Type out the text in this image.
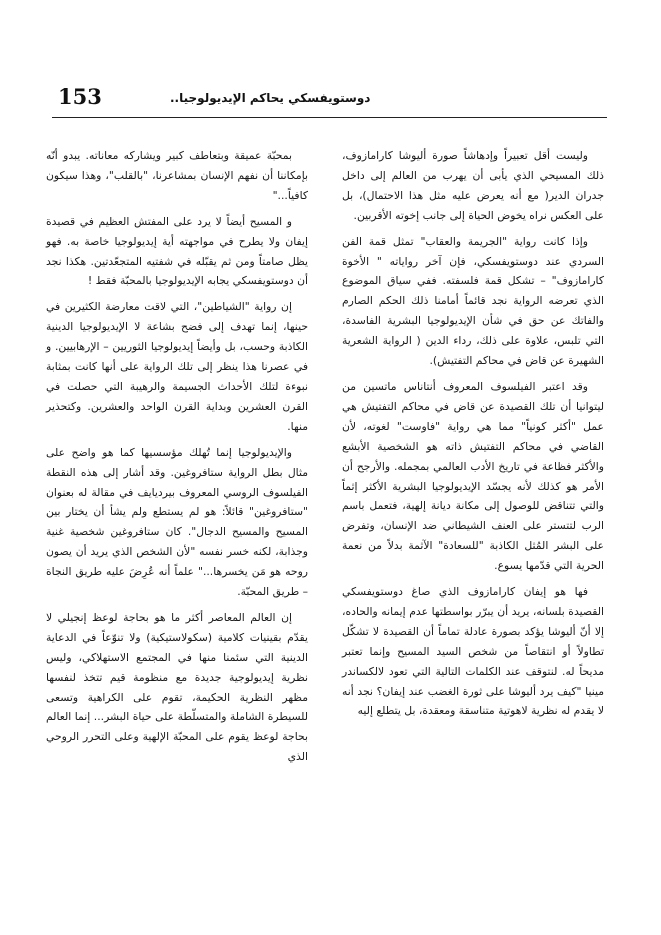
153	دوستويفسكي يحاكم الإيديولوجيا..

وليست أقل تعبيراً وإدهاشاً صورة أليوشا كارامازوف، ذلك المسيحي الذي يأبى أن يهرب من العالم إلى داخل جدران الدير( مع أنه يعرض عليه مثل هذا الاحتمال)، بل على العكس نراه يخوض الحياة إلى جانب إخوته الأقربين.

وإذا كانت رواية "الجريمة والعقاب" تمثل قمة الفن السردي عند دوستويفسكي، فإن آخر رواياته " الأخوة كارامازوف" – تشكل قمة فلسفته. ففي سياق الموضوع الذي تعرضه الرواية نجد قائماً أمامنا ذلك الحكم الصارم والفاتك عن حق في شأن الإيديولوجيا البشرية الفاسدة، التي تلبس، علاوة على ذلك، رداء الدين ( الرواية الشعرية الشهيرة عن قاض في محاكم التفتيش).

وقد اعتبر الفيلسوف المعروف أنتاناس ماتسين من ليتوانيا أن تلك القصيدة عن قاض في محاكم التفتيش هي عمل "أكثر كونياً" مما هي رواية "فاوست" لغوته، لأن القاضي في محاكم التفتيش ذاته هو الشخصية الأبشع والأكثر فظاعة في تاريخ الأدب العالمي بمجمله. والأرجح أن الأمر هو كذلك لأنه يجسّد الإيديولوجيا البشرية الأكثر إثماً والتي تتناقض للوصول إلى مكانة ديانة إلهية، فتعمل باسم الرب لتتستر على العنف الشيطاني ضد الإنسان، وتفرض على البشر المُثل الكاذبة "للسعادة" الآثمة بدلاً من نعمة الحرية التي قدّمها يسوع.

فها هو إيفان كارامازوف الذي صاغ دوستويفسكي القصيدة بلسانه، يريد أن يبرّر بواسطتها عدم إيمانه والحاده، إلا أنّ أليوشا يؤكد بصورة عادلة تماماً أن القصيدة لا تشكّل تطاولاً أو انتقاصاً من شخص السيد المسيح وإنما تعتبر مديحاً له. لنتوقف عند الكلمات التالية التي تعود لالكساندر مينيا "كيف يرد أليوشا على ثورة الغضب عند إيفان؟ نجد أنه لا يقدم له نظرية لاهوتية متناسقة ومعقدة، بل يتطلع إليه

بمحبّة عميقة وبتعاطف كبير ويشاركه معاناته. يبدو أنّه بإمكاننا أن نفهم الإنسان بمشاعرنا، "بالقلب"، وهذا سيكون كافياً..."

و المسيح أيضاً لا يرد على المفتش العظيم في قصيدة إيفان ولا يطرح في مواجهته أية إيديولوجيا خاصة به. فهو يظل صامتاً ومن ثم يقبّله في شفتيه المتجعّدتين. هكذا نجد أن دوستويفسكي يجابه الإيديولوجيا بالمحبّة فقط !

إن رواية "الشياطين"، التي لاقت معارضة الكثيرين في حينها، إنما تهدف إلى فضح بشاعة لا الإيديولوجيا الدينية الكاذبة وحسب، بل وأيضاً إيديولوجيا الثوريين – الإرهابيين. و في عصرنا هذا ينظر إلى تلك الرواية على أنها كانت بمثابة نبوءة لتلك الأحداث الجسيمة والرهيبة التي حصلت في القرن العشرين وبداية القرن الواحد والعشرين. وكتحذير منها.

والإيديولوجيا إنما تُهلك مؤسسيها كما هو واضح على مثال بطل الرواية ستافروغين. وقد أشار إلى هذه النقطة الفيلسوف الروسي المعروف بيرديايف في مقالة له بعنوان "ستافروغين" قائلاً: هو لم يستطع ولم يشأ أن يختار بين المسيح والمسيح الدجال". كان ستافروغين شخصية غنية وجذابة، لكنه خسر نفسه "لأن الشخص الذي يريد أن يصون روحه هو مَن يخسرها..." علماً أنه عُرِضَ عليه طريق النجاة – طريق المحبّة.

إن العالم المعاصر أكثر ما هو بحاجة لوعظ إنجيلي لا يقدّم بقينيات كلامية (سكولاستيكية) ولا تنوّعاً في الدعاية الدينية التي سئمنا منها في المجتمع الاستهلاكي، وليس نظرية إيديولوجية جديدة مع منظومة قيم تتخذ لنفسها مظهر النظرية الحكيمة، تقوم على الكراهية وتسعى للسيطرة الشاملة والمتسلّطة على حياة البشر... إنما العالم بحاجة لوعظ يقوم على المحبّة الإلهية وعلى التحرر الروحي الذي
